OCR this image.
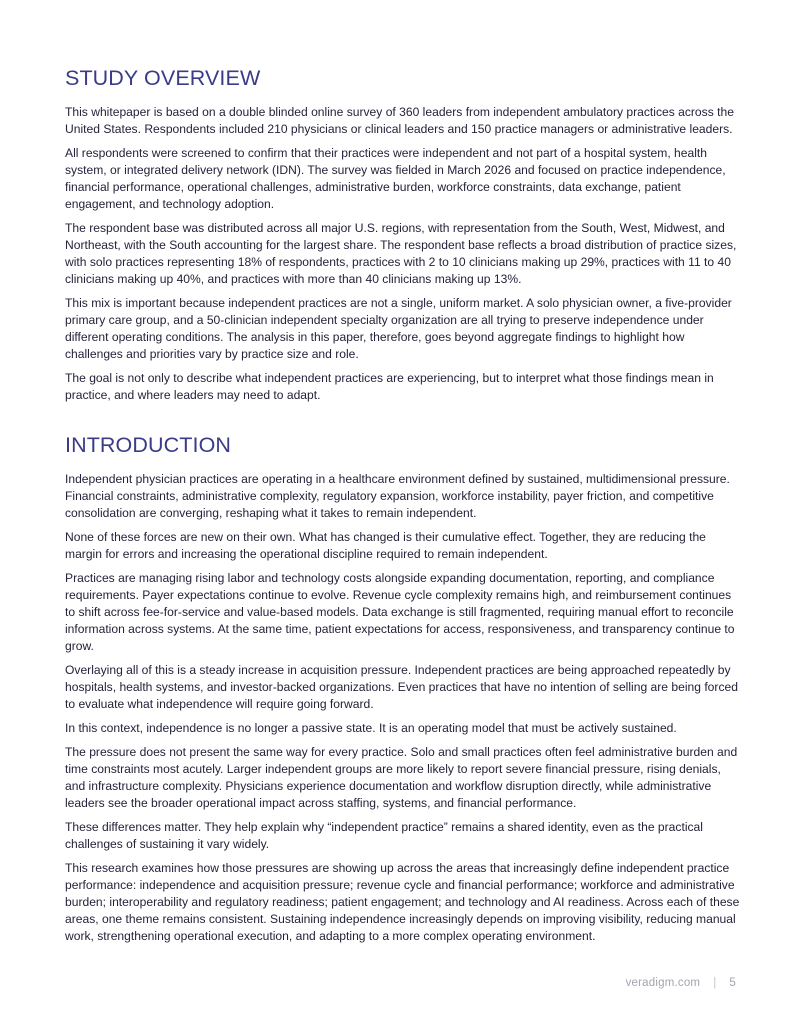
STUDY OVERVIEW

This whitepaper is based on a double blinded online survey of 360 leaders from independent ambulatory practices across the United States. Respondents included 210 physicians or clinical leaders and 150 practice managers or administrative leaders.

All respondents were screened to confirm that their practices were independent and not part of a hospital system, health system, or integrated delivery network (IDN). The survey was fielded in March 2026 and focused on practice independence, financial performance, operational challenges, administrative burden, workforce constraints, data exchange, patient engagement, and technology adoption.

The respondent base was distributed across all major U.S. regions, with representation from the South, West, Midwest, and Northeast, with the South accounting for the largest share. The respondent base reflects a broad distribution of practice sizes, with solo practices representing 18% of respondents, practices with 2 to 10 clinicians making up 29%, practices with 11 to 40 clinicians making up 40%, and practices with more than 40 clinicians making up 13%.

This mix is important because independent practices are not a single, uniform market. A solo physician owner, a five-provider primary care group, and a 50-clinician independent specialty organization are all trying to preserve independence under different operating conditions. The analysis in this paper, therefore, goes beyond aggregate findings to highlight how challenges and priorities vary by practice size and role.

The goal is not only to describe what independent practices are experiencing, but to interpret what those findings mean in practice, and where leaders may need to adapt.

INTRODUCTION

Independent physician practices are operating in a healthcare environment defined by sustained, multidimensional pressure. Financial constraints, administrative complexity, regulatory expansion, workforce instability, payer friction, and competitive consolidation are converging, reshaping what it takes to remain independent.

None of these forces are new on their own. What has changed is their cumulative effect. Together, they are reducing the margin for errors and increasing the operational discipline required to remain independent.

Practices are managing rising labor and technology costs alongside expanding documentation, reporting, and compliance requirements. Payer expectations continue to evolve. Revenue cycle complexity remains high, and reimbursement continues to shift across fee-for-service and value-based models. Data exchange is still fragmented, requiring manual effort to reconcile information across systems. At the same time, patient expectations for access, responsiveness, and transparency continue to grow.

Overlaying all of this is a steady increase in acquisition pressure. Independent practices are being approached repeatedly by hospitals, health systems, and investor-backed organizations. Even practices that have no intention of selling are being forced to evaluate what independence will require going forward.

In this context, independence is no longer a passive state. It is an operating model that must be actively sustained.

The pressure does not present the same way for every practice. Solo and small practices often feel administrative burden and time constraints most acutely. Larger independent groups are more likely to report severe financial pressure, rising denials, and infrastructure complexity. Physicians experience documentation and workflow disruption directly, while administrative leaders see the broader operational impact across staffing, systems, and financial performance.

These differences matter. They help explain why “independent practice” remains a shared identity, even as the practical challenges of sustaining it vary widely.

This research examines how those pressures are showing up across the areas that increasingly define independent practice performance: independence and acquisition pressure; revenue cycle and financial performance; workforce and administrative burden; interoperability and regulatory readiness; patient engagement; and technology and AI readiness. Across each of these areas, one theme remains consistent. Sustaining independence increasingly depends on improving visibility, reducing manual work, strengthening operational execution, and adapting to a more complex operating environment.

veradigm.com | 5
